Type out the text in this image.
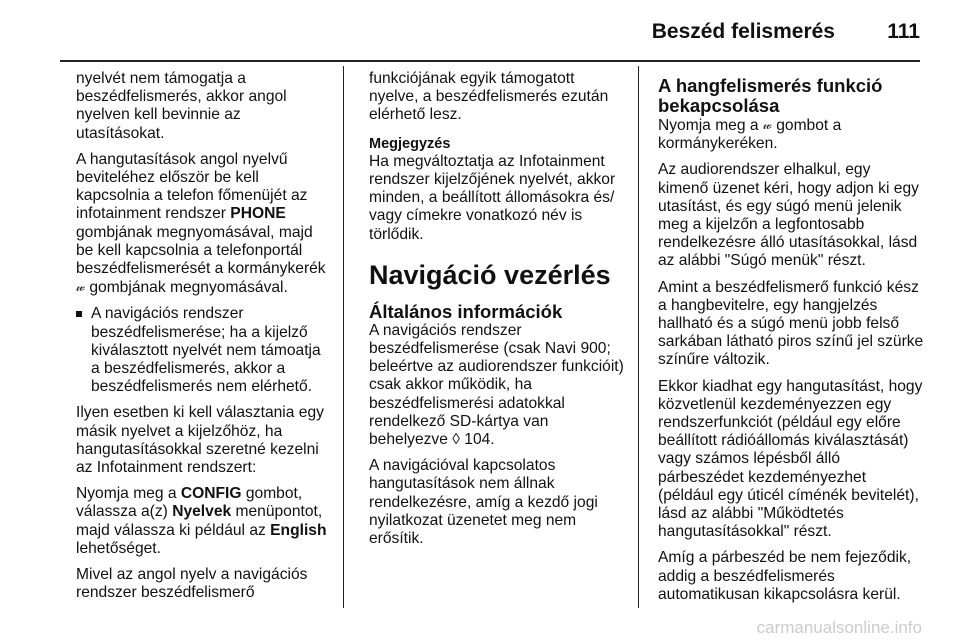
Beszéd felismerés 111

nyelvét nem támogatja a beszédfelismerés, akkor angol nyelven kell bevinnie az utasításokat.

A hangutasítások angol nyelvű beviteléhez először be kell kapcsolnia a telefon főmenüjét az infotainment rendszer PHONE gombjának megnyomásával, majd be kell kapcsolnia a telefonportál beszédfelismerését a kormánykerék 𝓌 gombjának megnyomásával.

A navigációs rendszer beszédfelismerése; ha a kijelző kiválasztott nyelvét nem támoatja a beszédfelismerés, akkor a beszédfelismerés nem elérhető.

Ilyen esetben ki kell választania egy másik nyelvet a kijelzőhöz, ha hangutasításokkal szeretné kezelni az Infotainment rendszert:

Nyomja meg a CONFIG gombot, válassza a(z) Nyelvek menüpontot, majd válassza ki például az English lehetőséget.

Mivel az angol nyelv a navigációs rendszer beszédfelismerő

funkciójának egyik támogatott nyelve, a beszédfelismerés ezután elérhető lesz.

Megjegyzés

Ha megváltoztatja az Infotainment rendszer kijelzőjének nyelvét, akkor minden, a beállított állomásokra és/ vagy címekre vonatkozó név is törlődik.

Navigáció vezérlés
Általános információk

A navigációs rendszer beszédfelismerése (csak Navi 900; beleértve az audiorendszer funkcióit) csak akkor működik, ha beszédfelismerési adatokkal rendelkező SD-kártya van behelyezve ◊ 104.

A navigációval kapcsolatos hangutasítások nem állnak rendelkezésre, amíg a kezdő jogi nyilatkozat üzenetet meg nem erősítik.

A hangfelismerés funkció bekapcsolása

Nyomja meg a 𝓌 gombot a kormánykeréken.

Az audiorendszer elhalkul, egy kimenő üzenet kéri, hogy adjon ki egy utasítást, és egy súgó menü jelenik meg a kijelzőn a legfontosabb rendelkezésre álló utasításokkal, lásd az alábbi "Súgó menük" részt.

Amint a beszédfelismerő funkció kész a hangbevitelre, egy hangjelzés hallható és a súgó menü jobb felső sarkában látható piros színű jel szürke színűre változik.

Ekkor kiadhat egy hangutasítást, hogy közvetlenül kezdeményezzen egy rendszerfunkciót (például egy előre beállított rádióállomás kiválasztását) vagy számos lépésből álló párbeszédet kezdeményezhet (például egy úticél címénék bevitelét), lásd az alábbi "Működtetés hangutasításokkal" részt.

Amíg a párbeszéd be nem fejeződik, addig a beszédfelismerés automatikusan kikapcsolásra kerül.

carmanualsonline.info
